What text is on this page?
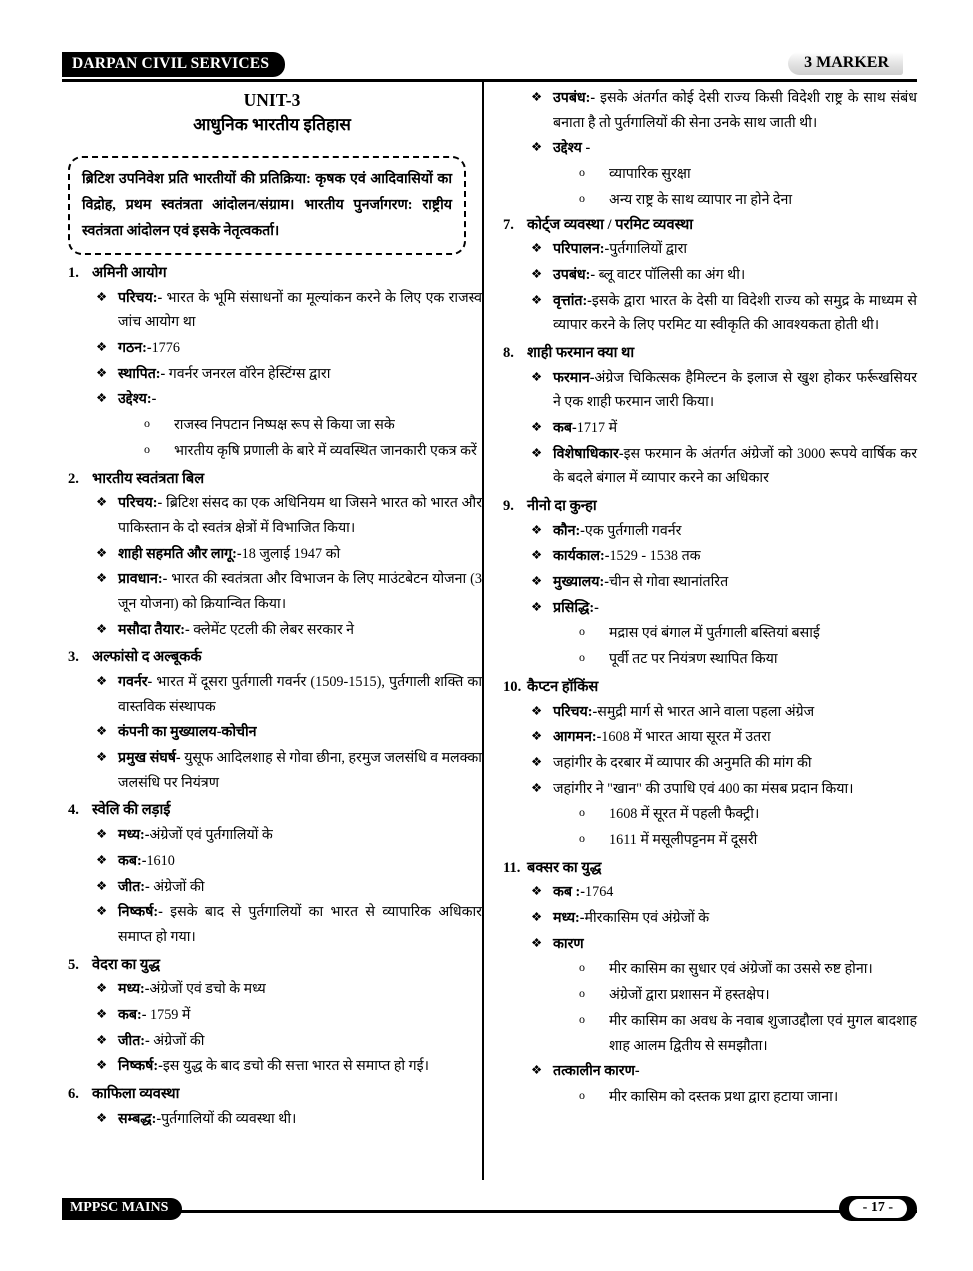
DARPAN CIVIL SERVICES	3 MARKER
UNIT-3
आधुनिक भारतीय इतिहास
ब्रिटिश उपनिवेश प्रति भारतीयों की प्रतिक्रिया: कृषक एवं आदिवासियों का विद्रोह, प्रथम स्वतंत्रता आंदोलन/संग्राम। भारतीय पुनर्जागरण: राष्ट्रीय स्वतंत्रता आंदोलन एवं इसके नेतृत्वकर्ता।
1. अमिनी आयोग
❖ परिचय:- भारत के भूमि संसाधनों का मूल्यांकन करने के लिए एक राजस्व जांच आयोग था
❖ गठन:-1776
❖ स्थापित:- गवर्नर जनरल वॉरेन हेस्टिंग्स द्वारा
❖ उद्देश्य:-
o	राजस्व निपटान निष्पक्ष रूप से किया जा सके
o	भारतीय कृषि प्रणाली के बारे में व्यवस्थित जानकारी एकत्र करें
2. भारतीय स्वतंत्रता बिल
❖ परिचय:- ब्रिटिश संसद का एक अधिनियम था जिसने भारत को भारत और पाकिस्तान के दो स्वतंत्र क्षेत्रों में विभाजित किया।
❖ शाही सहमति और लागू:-18 जुलाई 1947 को
❖ प्रावधान:- भारत की स्वतंत्रता और विभाजन के लिए माउंटबेटन योजना (3 जून योजना) को क्रियान्वित किया।
❖ मसौदा तैयार:- क्लेमेंट एटली की लेबर सरकार ने
3. अल्फांसो द अल्बूकर्क
❖ गवर्नर- भारत में दूसरा पुर्तगाली गवर्नर (1509-1515), पुर्तगाली शक्ति का वास्तविक संस्थापक
❖ कंपनी का मुख्यालय-कोचीन
❖ प्रमुख संघर्ष- युसूफ आदिलशाह से गोवा छीना, हरमुज जलसंधि व मलक्का जलसंधि पर नियंत्रण
4. स्वेलि की लड़ाई
❖ मध्य:-अंग्रेजों एवं पुर्तगालियों के
❖ कब:-1610
❖ जीत:- अंग्रेजों की
❖ निष्कर्ष:- इसके बाद से पुर्तगालियों का भारत से व्यापारिक अधिकार समाप्त हो गया।
5. वेदरा का युद्ध
❖ मध्य:-अंग्रेजों एवं डचो के मध्य
❖ कब:- 1759 में
❖ जीत:- अंग्रेजों की
❖ निष्कर्ष:-इस युद्ध के बाद डचो की सत्ता भारत से समाप्त हो गई।
6. काफिला व्यवस्था
❖ सम्बद्ध:-पुर्तगालियों की व्यवस्था थी।
❖ उपबंध:- इसके अंतर्गत कोई देसी राज्य किसी विदेशी राष्ट्र के साथ संबंध बनाता है तो पुर्तगालियों की सेना उनके साथ जाती थी।
❖ उद्देश्य -
o	व्यापारिक सुरक्षा
o	अन्य राष्ट्र के साथ व्यापार ना होने देना
7. कोर्ट्ज व्यवस्था / परमिट व्यवस्था
❖ परिपालन:-पुर्तगालियों द्वारा
❖ उपबंध:- ब्लू वाटर पॉलिसी का अंग थी।
❖ वृत्तांत:-इसके द्वारा भारत के देसी या विदेशी राज्य को समुद्र के माध्यम से व्यापार करने के लिए परमिट या स्वीकृति की आवश्यकता होती थी।
8. शाही फरमान क्या था
❖ फरमान-अंग्रेज चिकित्सक हैमिल्टन के इलाज से खुश होकर फर्रूखसियर ने एक शाही फरमान जारी किया।
❖ कब-1717 में
❖ विशेषाधिकार-इस फरमान के अंतर्गत अंग्रेजों को 3000 रूपये वार्षिक कर के बदले बंगाल में व्यापार करने का अधिकार
9. नीनो दा कुन्हा
❖ कौन:-एक पुर्तगाली गवर्नर
❖ कार्यकाल:-1529 - 1538 तक
❖ मुख्यालय:-चीन से गोवा स्थानांतरित
❖ प्रसिद्धि:-
o	मद्रास एवं बंगाल में पुर्तगाली बस्तियां बसाई
o	पूर्वी तट पर नियंत्रण स्थापित किया
10. कैप्टन हॉकिंस
❖ परिचय:-समुद्री मार्ग से भारत आने वाला पहला अंग्रेज
❖ आगमन:-1608 में भारत आया सूरत में उतरा
❖ जहांगीर के दरबार में व्यापार की अनुमति की मांग की
❖ जहांगीर ने "खान" की उपाधि एवं 400 का मंसब प्रदान किया।
o	1608 में सूरत में पहली फैक्ट्री।
o	1611 में मसूलीपट्टनम में दूसरी
11. बक्सर का युद्ध
❖ कब :-1764
❖ मध्य:-मीरकासिम एवं अंग्रेजों के
❖ कारण
o	मीर कासिम का सुधार एवं अंग्रेजों का उससे रुष्ट होना।
o	अंग्रेजों द्वारा प्रशासन में हस्तक्षेप।
o	मीर कासिम का अवध के नवाब शुजाउद्दौला एवं मुगल बादशाह शाह आलम द्वितीय से समझौता।
❖ तत्कालीन कारण-
o	मीर कासिम को दस्तक प्रथा द्वारा हटाया जाना।
MPPSC MAINS	- 17 -
